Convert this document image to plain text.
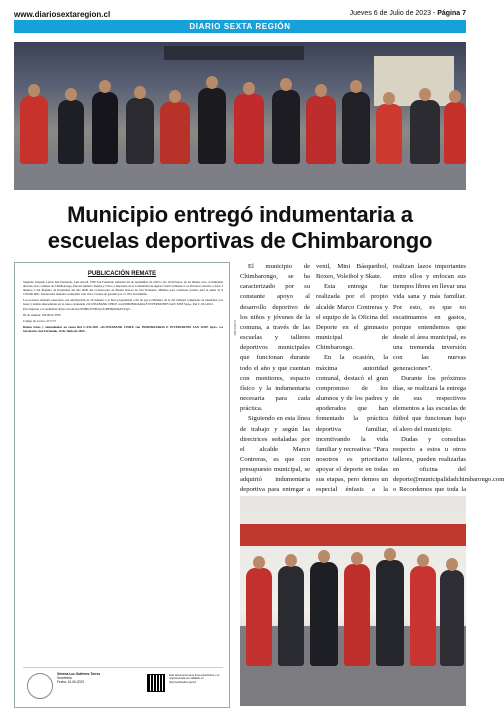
www.diariosextaregion.cl	Jueves 6 de Julio de 2023 - Página 7
DIARIO SEXTA REGIÓN
Municipio entregó indumentaria a
escuelas deportivas de Chimbarongo
PUBLICACIÓN REMATE

Segundo Juzgado Letras San Fernando, Luis Ancell 1330 San Fernando rematará 26 de septiembre de 2023 a las 12:00 horas, en un mismo acto, el inmueble ubicado en la comuna de Chimbarongo, Parcela número Treinta y Cinco y Derechos de la Comunidad de Aguas Canal Comunero Los Parronos, inscrito a fojas 3 número 3 del Registro de Propiedad del año 2020 del Conservador de Bienes Raíces de San Fernando. Mínimo para comenzar postura será la suma de $ 150.000.000.- Interesados deberán acompañar vale vista o boleta de garantía por el 10% del mínimo.

Los postores deberán conectarse con anticipación de 10 minutos a la hora programada a fin de que la Ministro de fe del tribunal compruebe su identidad. Las bases y demás antecedentes en la causa caratulada «SCOTIABANK CHILE con INMOBILIARIA E INVERSIONES SAN JOSÉ SpA», Rol C-552-2021.

Para ingresar a la audiencia: https://zoom.us/j/93480143790?pwd=MFBjK0Jk4VXQ3...

ID de reunión: 934 8014 3790

Código de acceso: 217173

Demás bases y antecedentes en causa Rol C-552-2021 «SCOTIABANK CHILE con INMOBILIARIA E INVERSIONES SAN JOSE SpA». La Secretaria.-San Fernando, 10 de Junio de 2023.-

Ximena Luz Gutiérrez Torres
Secretaria
Fecha: 10-06-2023
Este documento tiene firma electrónica y su original puede ser validado en http://verificadoc.pjud.cl
1234567890

El municipio de Chimbarongo, se ha caracterizado por su constante apoyo al desarrollo deportivo de los niños y jóvenes de la comuna, a través de las escuelas y talleres deportivos municipales que funcionan durante todo el año y que cuentan con monitores, espacio físico y la indumentaria necesaria para cada práctica.

Siguiendo en esta línea de trabajo y según las directrices señaladas por el alcalde Marco Contreras, es que con presupuesto municipal, se adquirió indumentaria deportiva para entregar a

venil, Mini Básquetbol, Boxeo, Voleibol y Skate.

Esta entrega fue realizada por el propio alcalde Marco Contreras y el equipo de la Oficina del Deporte en el gimnasio municipal de Chimbarongo.

En la ocasión, la máxima autoridad comunal, destacó el gran compromiso de los alumnos y de los padres y apoderados que han fomentado la práctica deportiva familiar, incentivando la vida familiar y recreativa: “Para nosotros es prioritario apoyar el deporte en todas sus etapas, pero demos un especial énfasis a la

realizan lazos importantes entre ellos y enfocan sus tiempos libres en llevar una vida sana y más familiar. Por esto, es que no escatimamos en gastos, porque entendemos que desde el área municipal, es una tremenda inversión con las nuevas generaciones”.

Durante los próximos días, se realizará la entrega de sus respectivos elementos a las escuelas de fútbol que funcionan bajo el alero del municipio.

Dudas y consultas respecto a estos u otros talleres, pueden realizarlas en oficina del deporte@municipalidadchimbarongo.com o Recordemos que toda la
